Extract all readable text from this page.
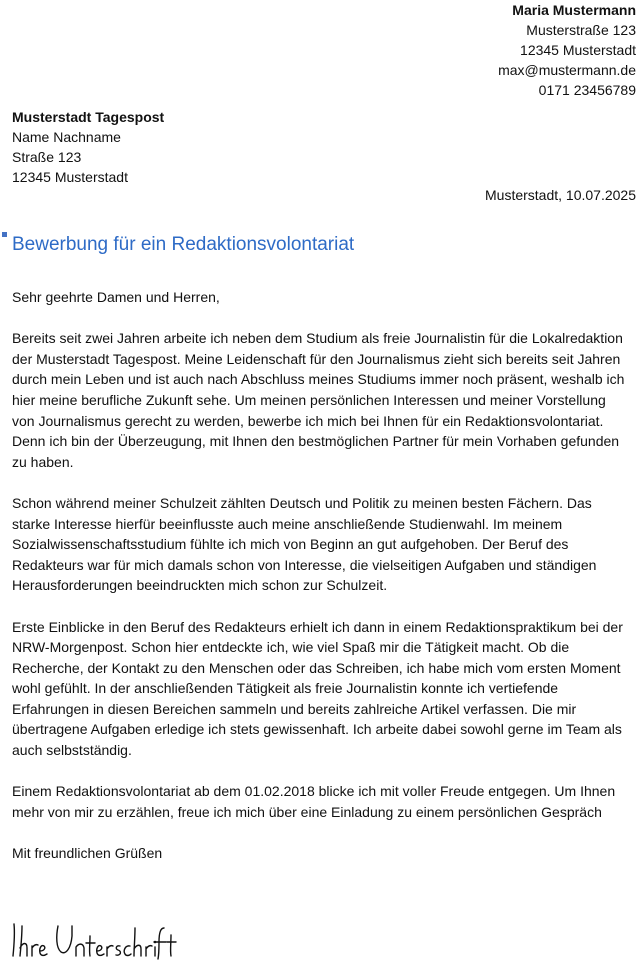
Maria Mustermann
Musterstraße 123
12345 Musterstadt
max@mustermann.de
0171 23456789
Musterstadt Tagespost
Name Nachname
Straße 123
12345 Musterstadt
Musterstadt, 10.07.2025
Bewerbung für ein Redaktionsvolontariat

Sehr geehrte Damen und Herren,

Bereits seit zwei Jahren arbeite ich neben dem Studium als freie Journalistin für die Lokalredaktion der Musterstadt Tagespost. Meine Leidenschaft für den Journalismus zieht sich bereits seit Jahren durch mein Leben und ist auch nach Abschluss meines Studiums immer noch präsent, weshalb ich hier meine berufliche Zukunft sehe. Um meinen persönlichen Interessen und meiner Vorstellung von Journalismus gerecht zu werden, bewerbe ich mich bei Ihnen für ein Redaktionsvolontariat. Denn ich bin der Überzeugung, mit Ihnen den bestmöglichen Partner für mein Vorhaben gefunden zu haben.

Schon während meiner Schulzeit zählten Deutsch und Politik zu meinen besten Fächern. Das starke Interesse hierfür beeinflusste auch meine anschließende Studienwahl. Im meinem Sozialwissenschaftsstudium fühlte ich mich von Beginn an gut aufgehoben. Der Beruf des Redakteurs war für mich damals schon von Interesse, die vielseitigen Aufgaben und ständigen Herausforderungen beeindruckten mich schon zur Schulzeit.

Erste Einblicke in den Beruf des Redakteurs erhielt ich dann in einem Redaktionspraktikum bei der NRW-Morgenpost. Schon hier entdeckte ich, wie viel Spaß mir die Tätigkeit macht. Ob die Recherche, der Kontakt zu den Menschen oder das Schreiben, ich habe mich vom ersten Moment wohl gefühlt. In der anschließenden Tätigkeit als freie Journalistin konnte ich vertiefende Erfahrungen in diesen Bereichen sammeln und bereits zahlreiche Artikel verfassen. Die mir übertragene Aufgaben erledige ich stets gewissenhaft. Ich arbeite dabei sowohl gerne im Team als auch selbstständig.

Einem Redaktionsvolontariat ab dem 01.02.2018 blicke ich mit voller Freude entgegen. Um Ihnen mehr von mir zu erzählen, freue ich mich über eine Einladung zu einem persönlichen Gespräch

Mit freundlichen Grüßen
